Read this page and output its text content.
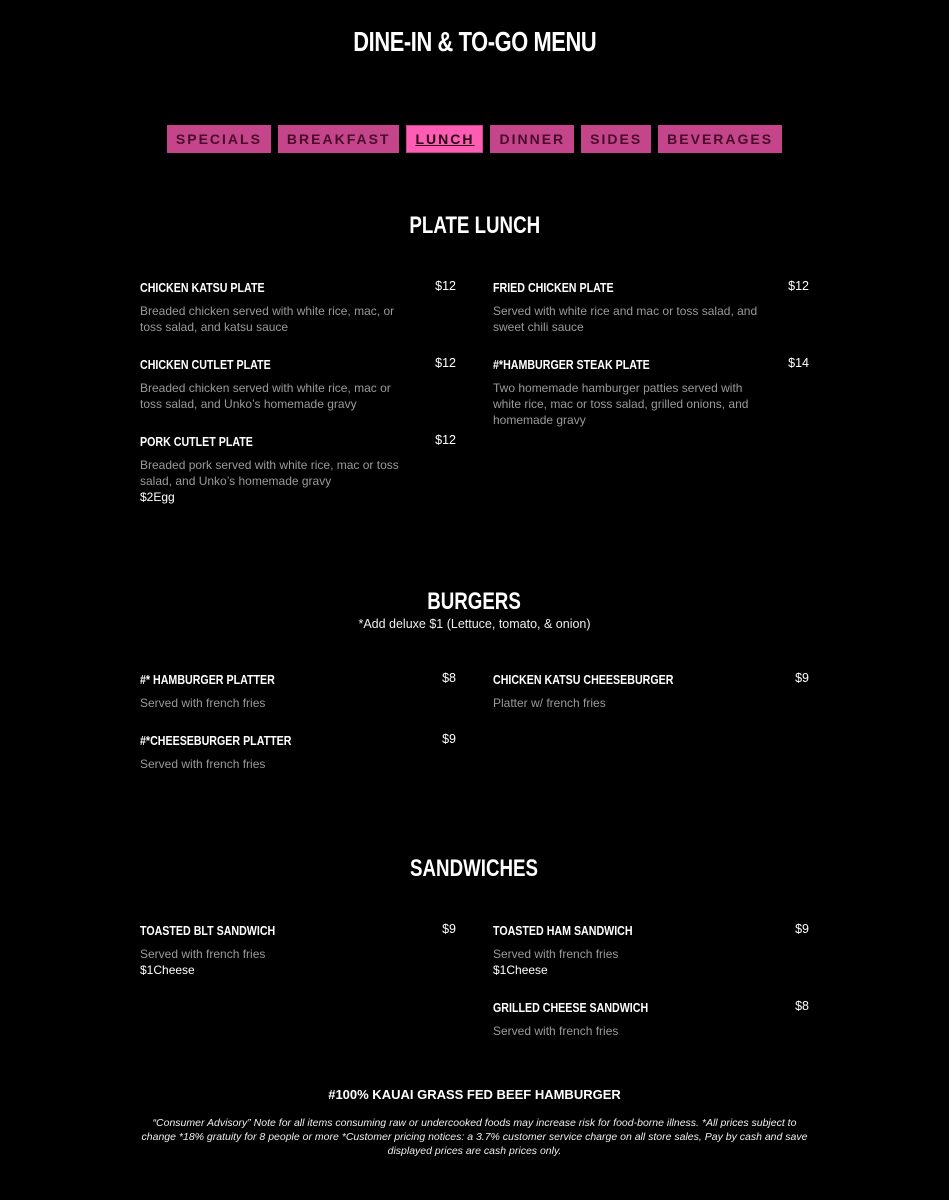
DINE-IN & TO-GO MENU
SPECIALS	BREAKFAST	LUNCH	DINNER	SIDES	BEVERAGES
PLATE LUNCH
CHICKEN KATSU PLATE	$12
Breaded chicken served with white rice, mac, or toss salad, and katsu sauce
FRIED CHICKEN PLATE	$12
Served with white rice and mac or toss salad, and sweet chili sauce
CHICKEN CUTLET PLATE	$12
Breaded chicken served with white rice, mac or toss salad, and Unko’s homemade gravy
#*HAMBURGER STEAK PLATE	$14
Two homemade hamburger patties served with white rice, mac or toss salad, grilled onions, and homemade gravy
PORK CUTLET PLATE	$12
Breaded pork served with white rice, mac or toss salad, and Unko’s homemade gravy
$2Egg
BURGERS
*Add deluxe $1 (Lettuce, tomato, & onion)
#* HAMBURGER PLATTER	$8
Served with french fries
CHICKEN KATSU CHEESEBURGER	$9
Platter w/ french fries
#*CHEESEBURGER PLATTER	$9
Served with french fries
SANDWICHES
TOASTED BLT SANDWICH	$9
Served with french fries
$1Cheese
TOASTED HAM SANDWICH	$9
Served with french fries
$1Cheese
GRILLED CHEESE SANDWICH	$8
Served with french fries
#100% KAUAI GRASS FED BEEF HAMBURGER
“Consumer Advisory” Note for all items consuming raw or undercooked foods may increase risk for food-borne illness. *All prices subject to change *18% gratuity for 8 people or more *Customer pricing notices: a 3.7% customer service charge on all store sales, Pay by cash and save displayed prices are cash prices only.
